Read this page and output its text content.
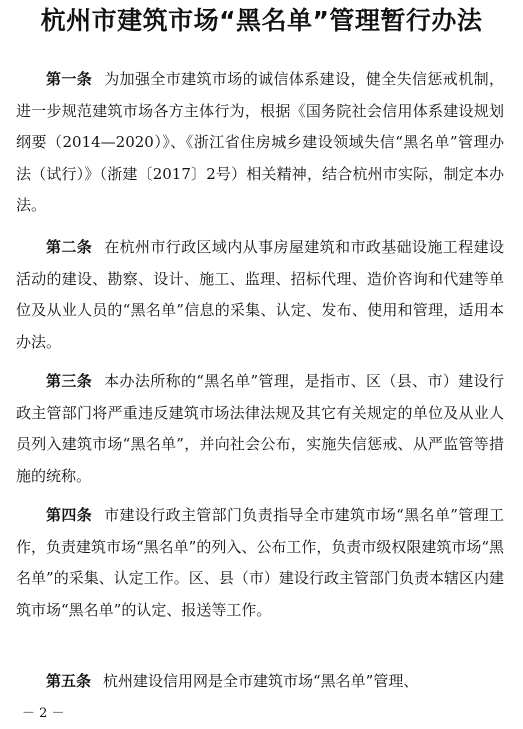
杭州市建筑市场“黑名单”管理暂行办法

第一条 为加强全市建筑市场的诚信体系建设，健全失信惩戒机制，进一步规范建筑市场各方主体行为，根据《国务院社会信用体系建设规划纲要（2014—2020）》、《浙江省住房城乡建设领域失信“黑名单”管理办法（试行）》（浙建〔2017〕2号）相关精神，结合杭州市实际，制定本办法。

第二条 在杭州市行政区域内从事房屋建筑和市政基础设施工程建设活动的建设、勘察、设计、施工、监理、招标代理、造价咨询和代建等单位及从业人员的“黑名单”信息的采集、认定、发布、使用和管理，适用本办法。

第三条 本办法所称的“黑名单”管理，是指市、区（县、市）建设行政主管部门将严重违反建筑市场法律法规及其它有关规定的单位及从业人员列入建筑市场“黑名单”，并向社会公布，实施失信惩戒、从严监管等措施的统称。

第四条 市建设行政主管部门负责指导全市建筑市场“黑名单”管理工作，负责建筑市场“黑名单”的列入、公布工作，负责市级权限建筑市场“黑名单”的采集、认定工作。区、县（市）建设行政主管部门负责本辖区内建筑市场“黑名单”的认定、报送等工作。

第五条 杭州建设信用网是全市建筑市场“黑名单”管理、

－ 2 －
